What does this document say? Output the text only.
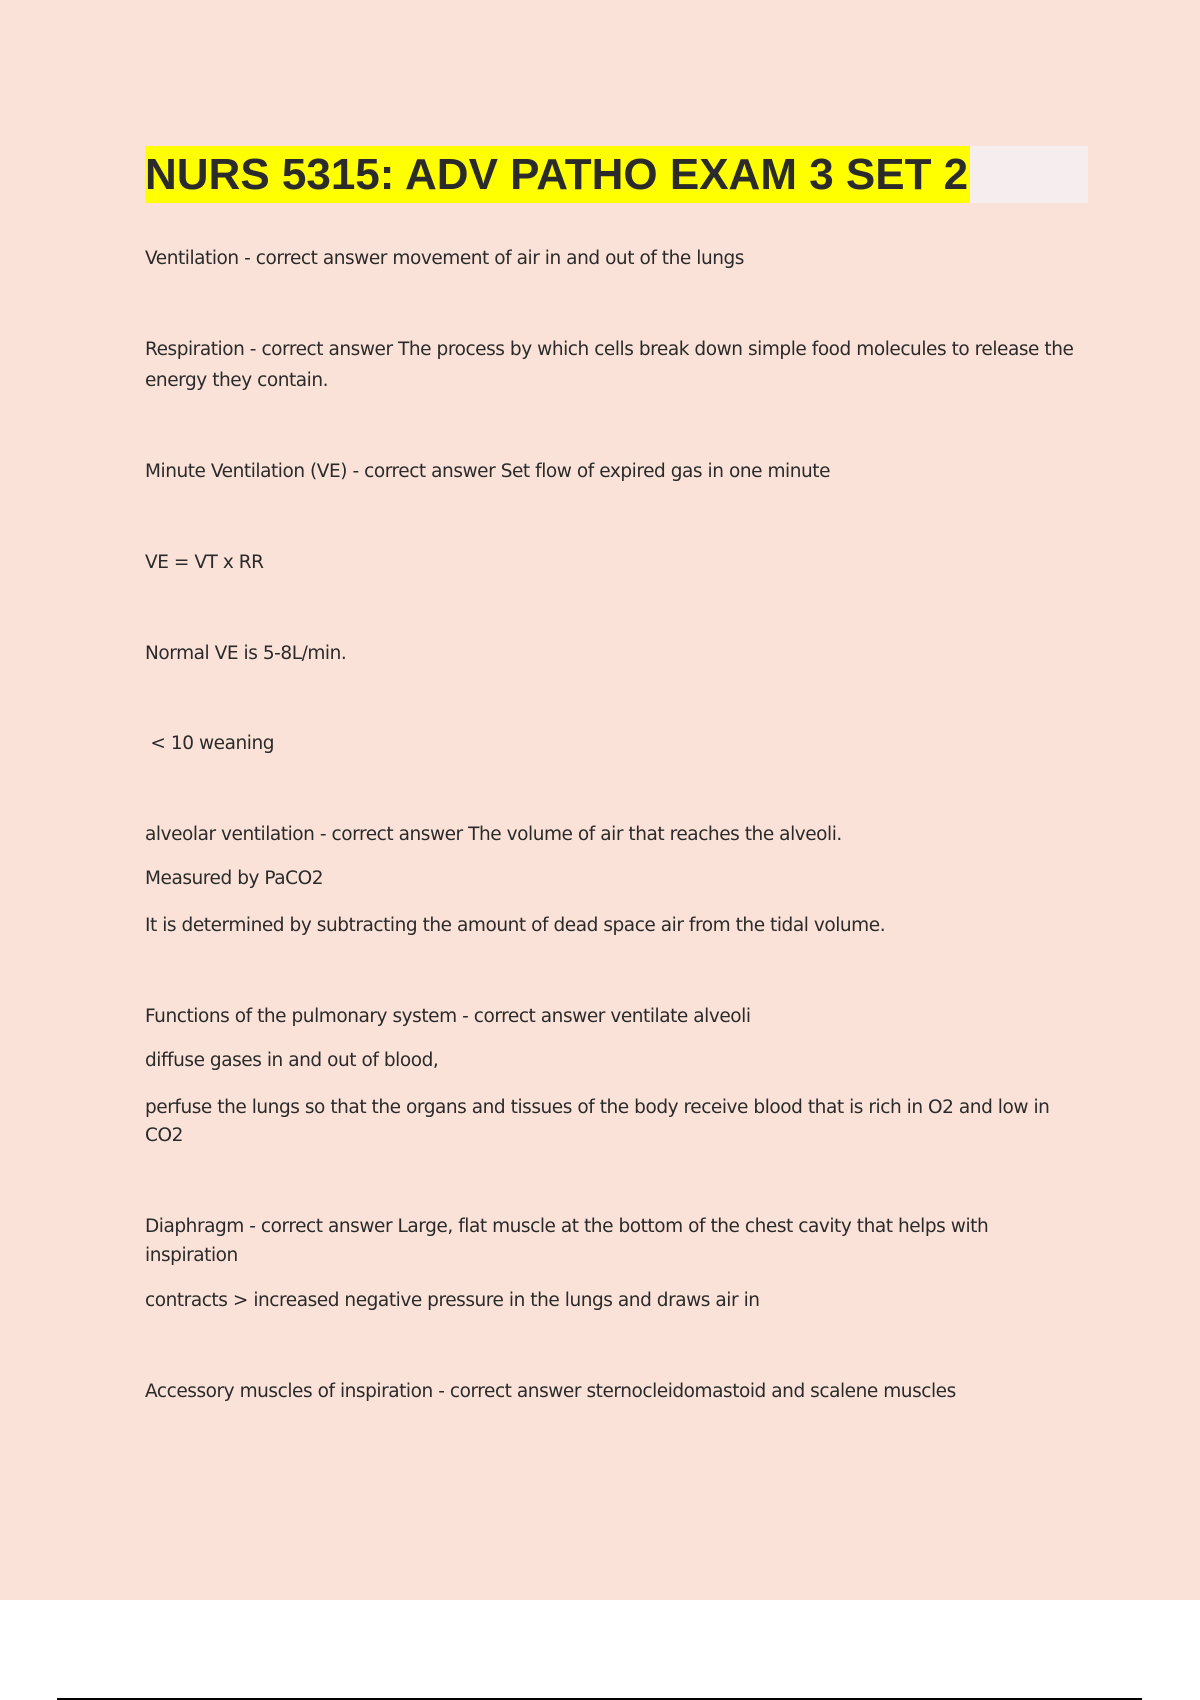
NURS 5315: ADV PATHO EXAM 3 SET 2
Ventilation - correct answer movement of air in and out of the lungs
Respiration - correct answer The process by which cells break down simple food molecules to release the
energy they contain.
Minute Ventilation (VE) - correct answer Set flow of expired gas in one minute
VE = VT x RR
Normal VE is 5-8L/min.
< 10 weaning
alveolar ventilation - correct answer The volume of air that reaches the alveoli.
Measured by PaCO2
It is determined by subtracting the amount of dead space air from the tidal volume.
Functions of the pulmonary system - correct answer ventilate alveoli
diffuse gases in and out of blood,
perfuse the lungs so that the organs and tissues of the body receive blood that is rich in O2 and low in
CO2
Diaphragm - correct answer Large, flat muscle at the bottom of the chest cavity that helps with
inspiration
contracts > increased negative pressure in the lungs and draws air in
Accessory muscles of inspiration - correct answer sternocleidomastoid and scalene muscles
